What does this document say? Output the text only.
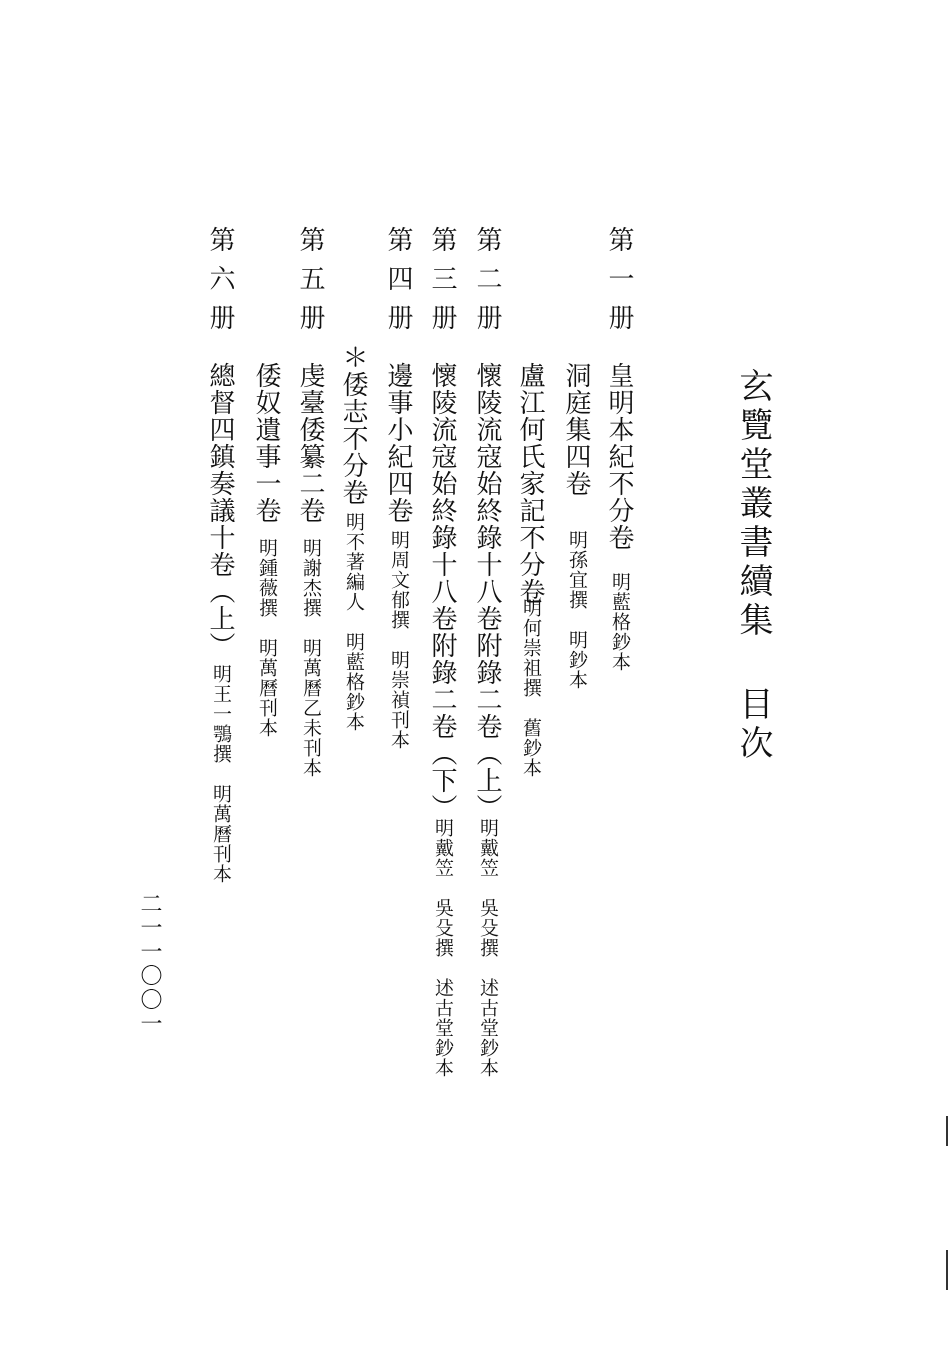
玄覽堂叢書續集 目次
第一册
皇明本紀不分卷
明藍格鈔本
洞庭集四卷
明孫宜撰　明鈔本
盧江何氏家記不分卷
明何崇祖撰　舊鈔本
第二册
懷陵流寇始終錄十八卷附錄二卷（上）
明戴笠　吳殳撰　述古堂鈔本
第三册
懷陵流寇始終錄十八卷附錄二卷（下）
明戴笠　吳殳撰　述古堂鈔本
第四册
邊事小紀四卷
明周文郁撰　明崇禎刊本
＊倭志不分卷
明不著編人　明藍格鈔本
第五册
虔臺倭纂二卷
明謝杰撰　明萬曆乙未刊本
倭奴遺事一卷
明鍾薇撰　明萬曆刊本
第六册
總督四鎮奏議十卷（上）
明王一鶚撰　明萬曆刊本
二一一〇〇一
